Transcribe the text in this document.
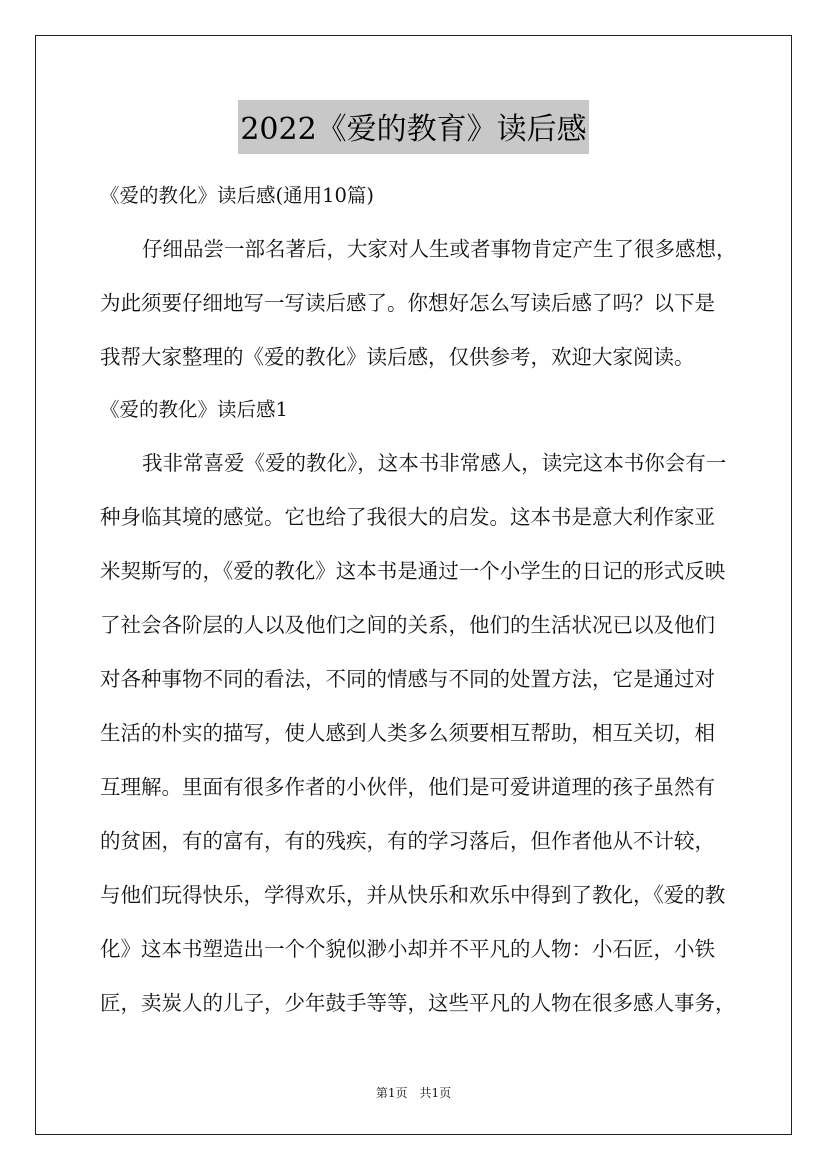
2022《爱的教育》读后感
《爱的教化》读后感(通用10篇)
仔细品尝一部名著后，大家对人生或者事物肯定产生了很多感想，
为此须要仔细地写一写读后感了。你想好怎么写读后感了吗？以下是
我帮大家整理的《爱的教化》读后感，仅供参考，欢迎大家阅读。
《爱的教化》读后感1
我非常喜爱《爱的教化》，这本书非常感人，读完这本书你会有一
种身临其境的感觉。它也给了我很大的启发。这本书是意大利作家亚
米契斯写的，《爱的教化》这本书是通过一个小学生的日记的形式反映
了社会各阶层的人以及他们之间的关系，他们的生活状况已以及他们
对各种事物不同的看法，不同的情感与不同的处置方法，它是通过对
生活的朴实的描写，使人感到人类多么须要相互帮助，相互关切，相
互理解。里面有很多作者的小伙伴，他们是可爱讲道理的孩子虽然有
的贫困，有的富有，有的残疾，有的学习落后，但作者他从不计较，
与他们玩得快乐，学得欢乐，并从快乐和欢乐中得到了教化，《爱的教
化》这本书塑造出一个个貌似渺小却并不平凡的人物：小石匠，小铁
匠，卖炭人的儿子，少年鼓手等等，这些平凡的人物在很多感人事务，
第1页　共1页
